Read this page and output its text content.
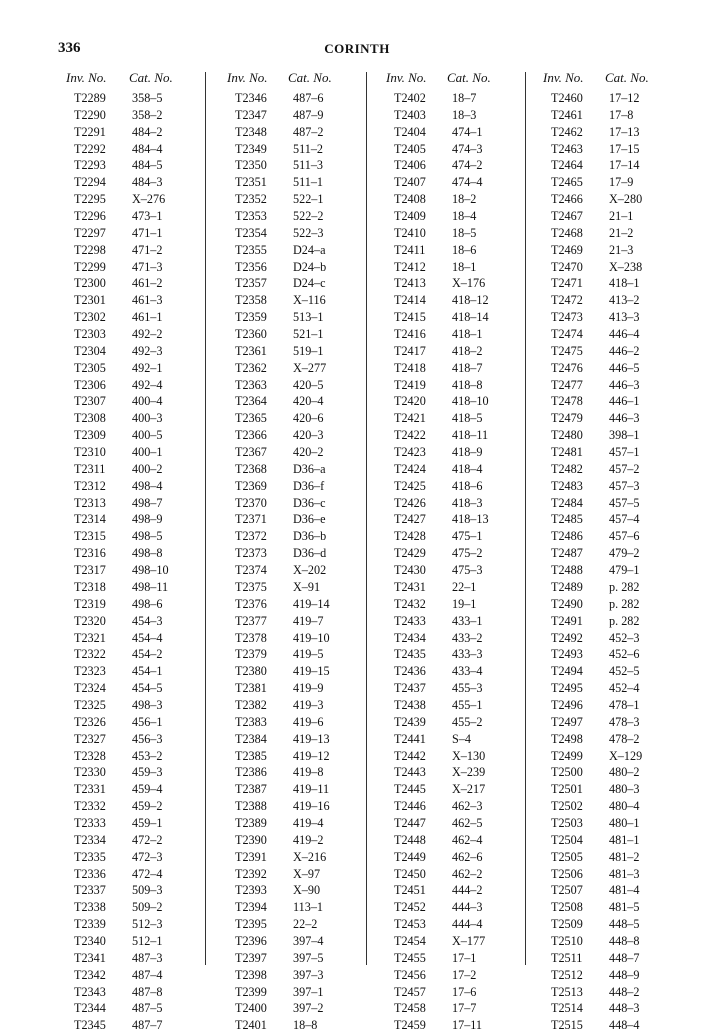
336	CORINTH
Inv. No. Cat. No.
T2289 358–5
T2290 358–2
T2291 484–2
T2292 484–4
T2293 484–5
T2294 484–3
T2295 X–276
T2296 473–1
T2297 471–1
T2298 471–2
T2299 471–3
T2300 461–2
T2301 461–3
T2302 461–1
T2303 492–2
T2304 492–3
T2305 492–1
T2306 492–4
T2307 400–4
T2308 400–3
T2309 400–5
T2310 400–1
T2311 400–2
T2312 498–4
T2313 498–7
T2314 498–9
T2315 498–5
T2316 498–8
T2317 498–10
T2318 498–11
T2319 498–6
T2320 454–3
T2321 454–4
T2322 454–2
T2323 454–1
T2324 454–5
T2325 498–3
T2326 456–1
T2327 456–3
T2328 453–2
T2330 459–3
T2331 459–4
T2332 459–2
T2333 459–1
T2334 472–2
T2335 472–3
T2336 472–4
T2337 509–3
T2338 509–2
T2339 512–3
T2340 512–1
T2341 487–3
T2342 487–4
T2343 487–8
T2344 487–5
T2345 487–7
Inv. No. Cat. No.
T2346 487–6
T2347 487–9
T2348 487–2
T2349 511–2
T2350 511–3
T2351 511–1
T2352 522–1
T2353 522–2
T2354 522–3
T2355 D24–a
T2356 D24–b
T2357 D24–c
T2358 X–116
T2359 513–1
T2360 521–1
T2361 519–1
T2362 X–277
T2363 420–5
T2364 420–4
T2365 420–6
T2366 420–3
T2367 420–2
T2368 D36–a
T2369 D36–f
T2370 D36–c
T2371 D36–e
T2372 D36–b
T2373 D36–d
T2374 X–202
T2375 X–91
T2376 419–14
T2377 419–7
T2378 419–10
T2379 419–5
T2380 419–15
T2381 419–9
T2382 419–3
T2383 419–6
T2384 419–13
T2385 419–12
T2386 419–8
T2387 419–11
T2388 419–16
T2389 419–4
T2390 419–2
T2391 X–216
T2392 X–97
T2393 X–90
T2394 113–1
T2395 22–2
T2396 397–4
T2397 397–5
T2398 397–3
T2399 397–1
T2400 397–2
T2401 18–8
Inv. No. Cat. No.
T2402 18–7
T2403 18–3
T2404 474–1
T2405 474–3
T2406 474–2
T2407 474–4
T2408 18–2
T2409 18–4
T2410 18–5
T2411 18–6
T2412 18–1
T2413 X–176
T2414 418–12
T2415 418–14
T2416 418–1
T2417 418–2
T2418 418–7
T2419 418–8
T2420 418–10
T2421 418–5
T2422 418–11
T2423 418–9
T2424 418–4
T2425 418–6
T2426 418–3
T2427 418–13
T2428 475–1
T2429 475–2
T2430 475–3
T2431 22–1
T2432 19–1
T2433 433–1
T2434 433–2
T2435 433–3
T2436 433–4
T2437 455–3
T2438 455–1
T2439 455–2
T2441 S–4
T2442 X–130
T2443 X–239
T2445 X–217
T2446 462–3
T2447 462–5
T2448 462–4
T2449 462–6
T2450 462–2
T2451 444–2
T2452 444–3
T2453 444–4
T2454 X–177
T2455 17–1
T2456 17–2
T2457 17–6
T2458 17–7
T2459 17–11
Inv. No. Cat. No.
T2460 17–12
T2461 17–8
T2462 17–13
T2463 17–15
T2464 17–14
T2465 17–9
T2466 X–280
T2467 21–1
T2468 21–2
T2469 21–3
T2470 X–238
T2471 418–1
T2472 413–2
T2473 413–3
T2474 446–4
T2475 446–2
T2476 446–5
T2477 446–3
T2478 446–1
T2479 446–3
T2480 398–1
T2481 457–1
T2482 457–2
T2483 457–3
T2484 457–5
T2485 457–4
T2486 457–6
T2487 479–2
T2488 479–1
T2489 p. 282
T2490 p. 282
T2491 p. 282
T2492 452–3
T2493 452–6
T2494 452–5
T2495 452–4
T2496 478–1
T2497 478–3
T2498 478–2
T2499 X–129
T2500 480–2
T2501 480–3
T2502 480–4
T2503 480–1
T2504 481–1
T2505 481–2
T2506 481–3
T2507 481–4
T2508 481–5
T2509 448–5
T2510 448–8
T2511 448–7
T2512 448–9
T2513 448–2
T2514 448–3
T2515 448–4
